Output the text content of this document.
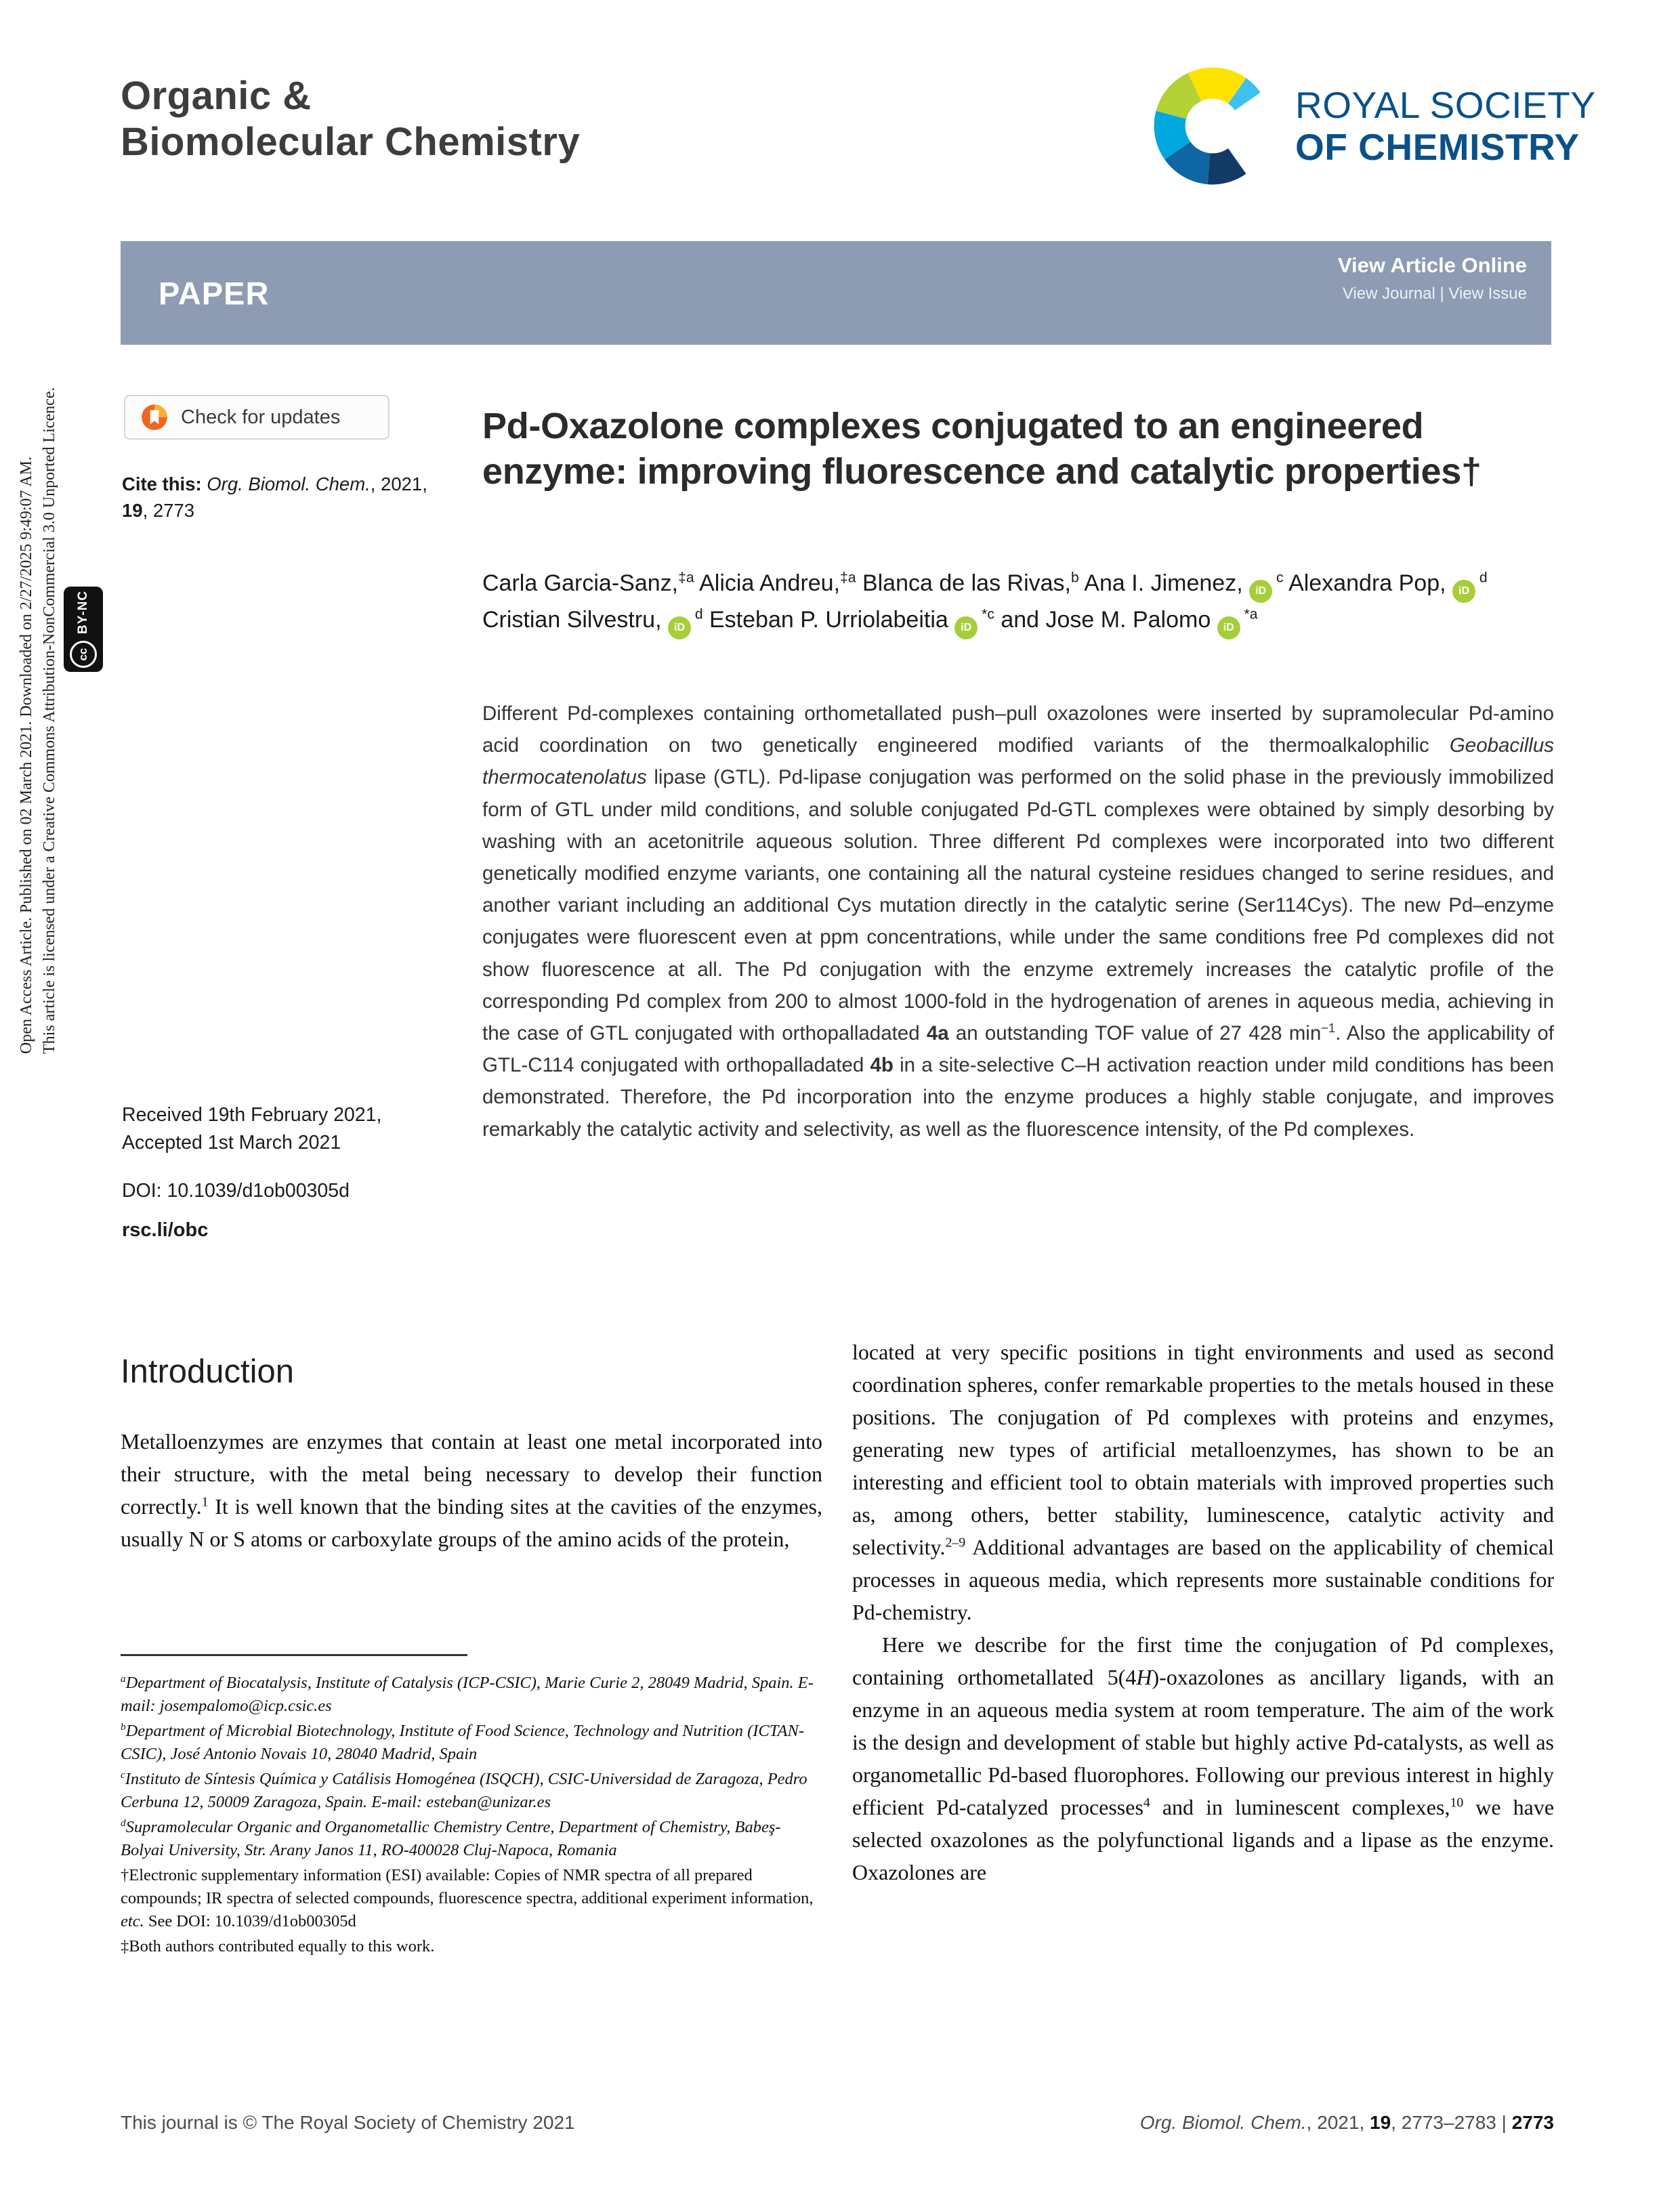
Organic &
Biomolecular Chemistry
ROYAL SOCIETY
OF CHEMISTRY
PAPER
View Article Online
View Journal | View Issue
Open Access Article. Published on 02 March 2021. Downloaded on 2/27/2025 9:49:07 AM. This article is licensed under a Creative Commons Attribution-NonCommercial 3.0 Unported Licence.	cc
BY-NC
Check for updates
Cite this: Org. Biomol. Chem., 2021, 19, 2773
Received 19th February 2021,
Accepted 1st March 2021
DOI: 10.1039/d1ob00305d
rsc.li/obc
Pd-Oxazolone complexes conjugated to an engineered enzyme: improving fluorescence and catalytic properties†
Carla Garcia-Sanz,$^{\ddagger a}$ Alicia Andreu,$^{\ddagger a}$ Blanca de las Rivas,$^b$ Ana I. Jimenez, iD $^c$ Alexandra Pop, iD $^d$ Cristian Silvestru, iD $^d$ Esteban P. Urriolabeitia iD $^{*c}$ and Jose M. Palomo iD $^{*a}$
Different Pd-complexes containing orthometallated push–pull oxazolones were inserted by supramolecular Pd-amino acid coordination on two genetically engineered modified variants of the thermoalkalophilic Geobacillus thermocatenolatus lipase (GTL). Pd-lipase conjugation was performed on the solid phase in the previously immobilized form of GTL under mild conditions, and soluble conjugated Pd-GTL complexes were obtained by simply desorbing by washing with an acetonitrile aqueous solution. Three different Pd complexes were incorporated into two different genetically modified enzyme variants, one containing all the natural cysteine residues changed to serine residues, and another variant including an additional Cys mutation directly in the catalytic serine (Ser114Cys). The new Pd–enzyme conjugates were fluorescent even at ppm concentrations, while under the same conditions free Pd complexes did not show fluorescence at all. The Pd conjugation with the enzyme extremely increases the catalytic profile of the corresponding Pd complex from 200 to almost 1000-fold in the hydrogenation of arenes in aqueous media, achieving in the case of GTL conjugated with orthopalladated 4a an outstanding TOF value of 27 428 $\min^{-1}$. Also the applicability of GTL-C114 conjugated with orthopalladated 4b in a site-selective C–H activation reaction under mild conditions has been demonstrated. Therefore, the Pd incorporation into the enzyme produces a highly stable conjugate, and improves remarkably the catalytic activity and selectivity, as well as the fluorescence intensity, of the Pd complexes.
Introduction

Metalloenzymes are enzymes that contain at least one metal incorporated into their structure, with the metal being necessary to develop their function correctly.$^1$ It is well known that the binding sites at the cavities of the enzymes, usually N or S atoms or carboxylate groups of the amino acids of the protein,

$^a$Department of Biocatalysis, Institute of Catalysis (ICP-CSIC), Marie Curie 2, 28049 Madrid, Spain. E-mail: josempalomo@icp.csic.es

$^b$Department of Microbial Biotechnology, Institute of Food Science, Technology and Nutrition (ICTAN-CSIC), José Antonio Novais 10, 28040 Madrid, Spain

$^c$Instituto de Síntesis Química y Catálisis Homogénea (ISQCH), CSIC-Universidad de Zaragoza, Pedro Cerbuna 12, 50009 Zaragoza, Spain. E-mail: esteban@unizar.es

$^d$Supramolecular Organic and Organometallic Chemistry Centre, Department of Chemistry, Babeş-Bolyai University, Str. Arany Janos 11, RO-400028 Cluj-Napoca, Romania

†Electronic supplementary information (ESI) available: Copies of NMR spectra of all prepared compounds; IR spectra of selected compounds, fluorescence spectra, additional experiment information, etc. See DOI: 10.1039/d1ob00305d

‡Both authors contributed equally to this work.

located at very specific positions in tight environments and used as second coordination spheres, confer remarkable properties to the metals housed in these positions. The conjugation of Pd complexes with proteins and enzymes, generating new types of artificial metalloenzymes, has shown to be an interesting and efficient tool to obtain materials with improved properties such as, among others, better stability, luminescence, catalytic activity and selectivity.$^{2-9}$ Additional advantages are based on the applicability of chemical processes in aqueous media, which represents more sustainable conditions for Pd-chemistry.

Here we describe for the first time the conjugation of Pd complexes, containing orthometallated 5(4H)-oxazolones as ancillary ligands, with an enzyme in an aqueous media system at room temperature. The aim of the work is the design and development of stable but highly active Pd-catalysts, as well as organometallic Pd-based fluorophores. Following our previous interest in highly efficient Pd-catalyzed processes$^4$ and in luminescent complexes,$^{10}$ we have selected oxazolones as the polyfunctional ligands and a lipase as the enzyme. Oxazolones are

This journal is © The Royal Society of Chemistry 2021	Org. Biomol. Chem., 2021, 19, 2773–2783 | 2773
